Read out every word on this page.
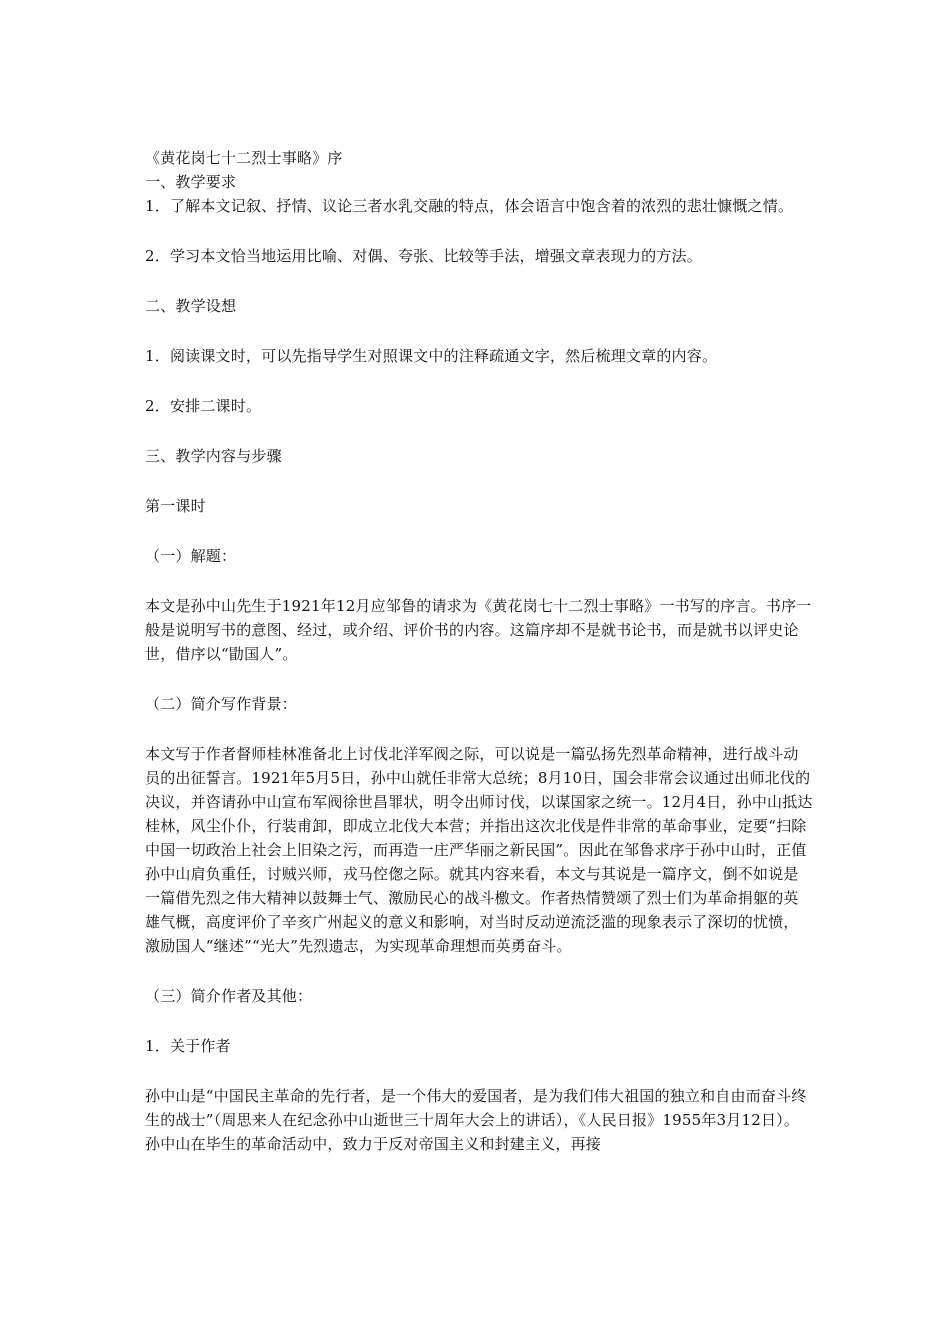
《黄花岗七十二烈士事略》序

一、教学要求

1．了解本文记叙、抒情、议论三者水乳交融的特点，体会语言中饱含着的浓烈的悲壮慷慨之情。

2．学习本文恰当地运用比喻、对偶、夸张、比较等手法，增强文章表现力的方法。

二、教学设想

1．阅读课文时，可以先指导学生对照课文中的注释疏通文字，然后梳理文章的内容。

2．安排二课时。

三、教学内容与步骤

第一课时

（一）解题：

本文是孙中山先生于1921年12月应邹鲁的请求为《黄花岗七十二烈士事略》一书写的序言。书序一般是说明写书的意图、经过，或介绍、评价书的内容。这篇序却不是就书论书，而是就书以评史论世，借序以“勖国人”。

（二）简介写作背景：

本文写于作者督师桂林准备北上讨伐北洋军阀之际，可以说是一篇弘扬先烈革命精神，进行战斗动员的出征誓言。1921年5月5日，孙中山就任非常大总统；8月10日，国会非常会议通过出师北伐的决议，并咨请孙中山宣布军阀徐世昌罪状，明令出师讨伐，以谋国家之统一。12月4日，孙中山抵达桂林，风尘仆仆，行装甫卸，即成立北伐大本营；并指出这次北伐是件非常的革命事业，定要“扫除中国一切政治上社会上旧染之污，而再造一庄严华丽之新民国”。因此在邹鲁求序于孙中山时，正值孙中山肩负重任，讨贼兴师，戎马倥偬之际。就其内容来看，本文与其说是一篇序文，倒不如说是一篇借先烈之伟大精神以鼓舞士气、激励民心的战斗檄文。作者热情赞颂了烈士们为革命捐躯的英雄气概，高度评价了辛亥广州起义的意义和影响，对当时反动逆流泛滥的现象表示了深切的忧愤，激励国人“继述”“光大”先烈遗志，为实现革命理想而英勇奋斗。

（三）简介作者及其他：

1．关于作者

孙中山是“中国民主革命的先行者，是一个伟大的爱国者，是为我们伟大祖国的独立和自由而奋斗终生的战士”（周思来人在纪念孙中山逝世三十周年大会上的讲话），《人民日报》1955年3月12日）。孙中山在毕生的革命活动中，致力于反对帝国主义和封建主义，再接
